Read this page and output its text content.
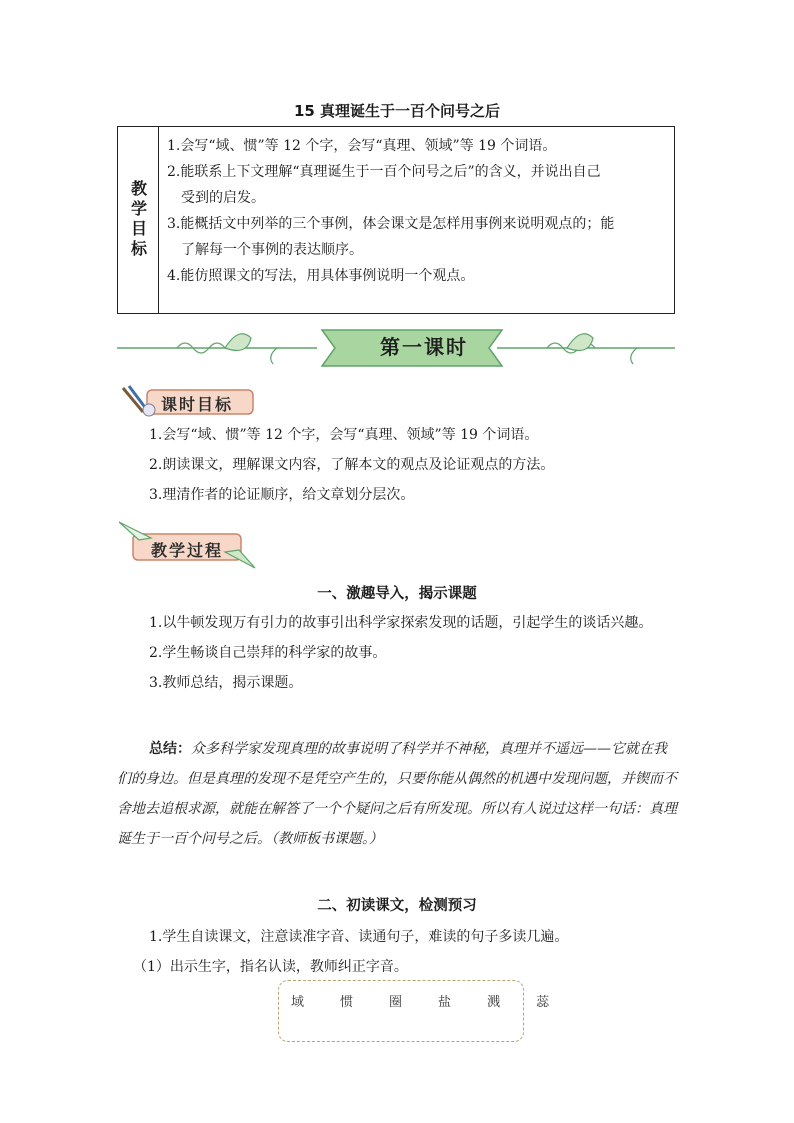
15 真理诞生于一百个问号之后
教学目标
1.会写“域、惯”等 12 个字，会写“真理、领域”等 19 个词语。
2.能联系上下文理解“真理诞生于一百个问号之后”的含义，并说出自己
受到的启发。
3.能概括文中列举的三个事例，体会课文是怎样用事例来说明观点的；能
了解每一个事例的表达顺序。
4.能仿照课文的写法，用具体事例说明一个观点。
第一课时
课时目标
1.会写“域、惯”等 12 个字，会写“真理、领域”等 19 个词语。
2.朗读课文，理解课文内容，了解本文的观点及论证观点的方法。
3.理清作者的论证顺序，给文章划分层次。
教学过程
一、激趣导入，揭示课题
1.以牛顿发现万有引力的故事引出科学家探索发现的话题，引起学生的谈话兴趣。
2.学生畅谈自己崇拜的科学家的故事。
3.教师总结，揭示课题。
总结：众多科学家发现真理的故事说明了科学并不神秘，真理并不遥远——它就在我们的身边。但是真理的发现不是凭空产生的，只要你能从偶然的机遇中发现问题，并锲而不舍地去追根求源，就能在解答了一个个疑问之后有所发现。所以有人说过这样一句话：真理诞生于一百个问号之后。（教师板书课题。）
二、初读课文，检测预习
1.学生自读课文，注意读准字音、读通句子，难读的句子多读几遍。
（1）出示生字，指名认读，教师纠正字音。
域	惯	圈	盐	溅	蕊
